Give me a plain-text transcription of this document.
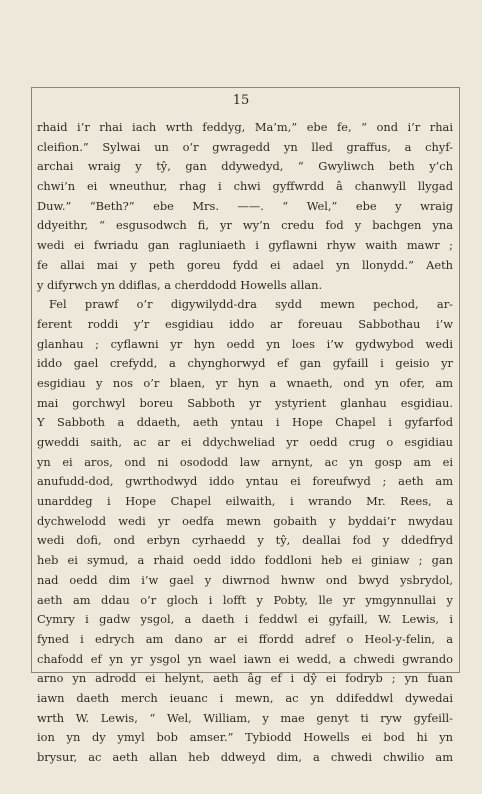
15
rhaid i’r rhai iach wrth feddyg, Ma’m,” ebe fe, “ ond i’r rhai
cleifion.” Sylwai un o’r gwragedd yn lled graffus, a chyf-
archai wraig y tŷ, gan ddywedyd, “ Gwyliwch beth y’ch
chwi’n ei wneuthur, rhag i chwi gyffwrdd â chanwyll llygad
Duw.” “Beth?” ebe Mrs. ——. “ Wel,” ebe y wraig
ddyeithr, “ esgusodwch fi, yr wy’n credu fod y bachgen yna
wedi ei fwriadu gan ragluniaeth i gyflawni rhyw waith mawr ;
fe allai mai y peth goreu fydd ei adael yn llonydd.” Aeth
y difyrwch yn ddiflas, a cherddodd Howells allan.
Fel prawf o’r digywilydd-dra sydd mewn pechod, ar-
ferent roddi y’r esgidiau iddo ar foreuau Sabbothau i’w
glanhau ; cyflawni yr hyn oedd yn loes i’w gydwybod wedi
iddo gael crefydd, a chynghorwyd ef gan gyfaill i geisio yr
esgidiau y nos o’r blaen, yr hyn a wnaeth, ond yn ofer, am
mai gorchwyl boreu Sabboth yr ystyrient glanhau esgidiau.
Y Sabboth a ddaeth, aeth yntau i Hope Chapel i gyfarfod
gweddi saith, ac ar ei ddychweliad yr oedd crug o esgidiau
yn ei aros, ond ni osododd law arnynt, ac yn gosp am ei
anufudd-dod, gwrthodwyd iddo yntau ei foreufwyd ; aeth am
unarddeg i Hope Chapel eilwaith, i wrando Mr. Rees, a
dychwelodd wedi yr oedfa mewn gobaith y byddai’r nwydau
wedi dofi, ond erbyn cyrhaedd y tŷ, deallai fod y ddedfryd
heb ei symud, a rhaid oedd iddo foddloni heb ei giniaw ; gan
nad oedd dim i’w gael y diwrnod hwnw ond bwyd ysbrydol,
aeth am ddau o’r gloch i lofft y Pobty, lle yr ymgynnullai y
Cymry i gadw ysgol, a daeth i feddwl ei gyfaill, W. Lewis, i
fyned i edrych am dano ar ei ffordd adref o Heol-y-felin, a
chafodd ef yn yr ysgol yn wael iawn ei wedd, a chwedi gwrando
arno yn adrodd ei helynt, aeth âg ef i dŷ ei fodryb ; yn fuan
iawn daeth merch ieuanc i mewn, ac yn ddifeddwl dywedai
wrth W. Lewis, “ Wel, William, y mae genyt ti ryw gyfeill-
ion yn dy ymyl bob amser.” Tybiodd Howells ei bod hi yn
brysur, ac aeth allan heb ddweyd dim, a chwedi chwilio am
